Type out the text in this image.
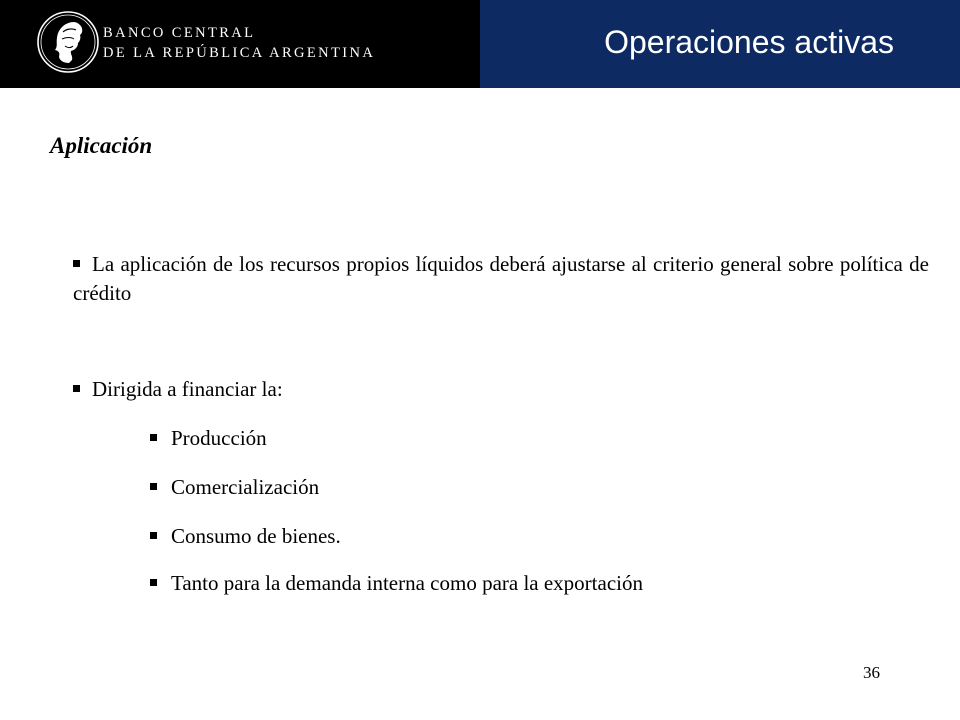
BANCO CENTRAL
DE LA REPÚBLICA ARGENTINA	Operaciones activas
Aplicación
La aplicación de los recursos propios líquidos deberá ajustarse al criterio general sobre política de crédito
Dirigida a financiar la:
Producción
Comercialización
Consumo de bienes.
Tanto para la demanda interna como para la exportación
36
